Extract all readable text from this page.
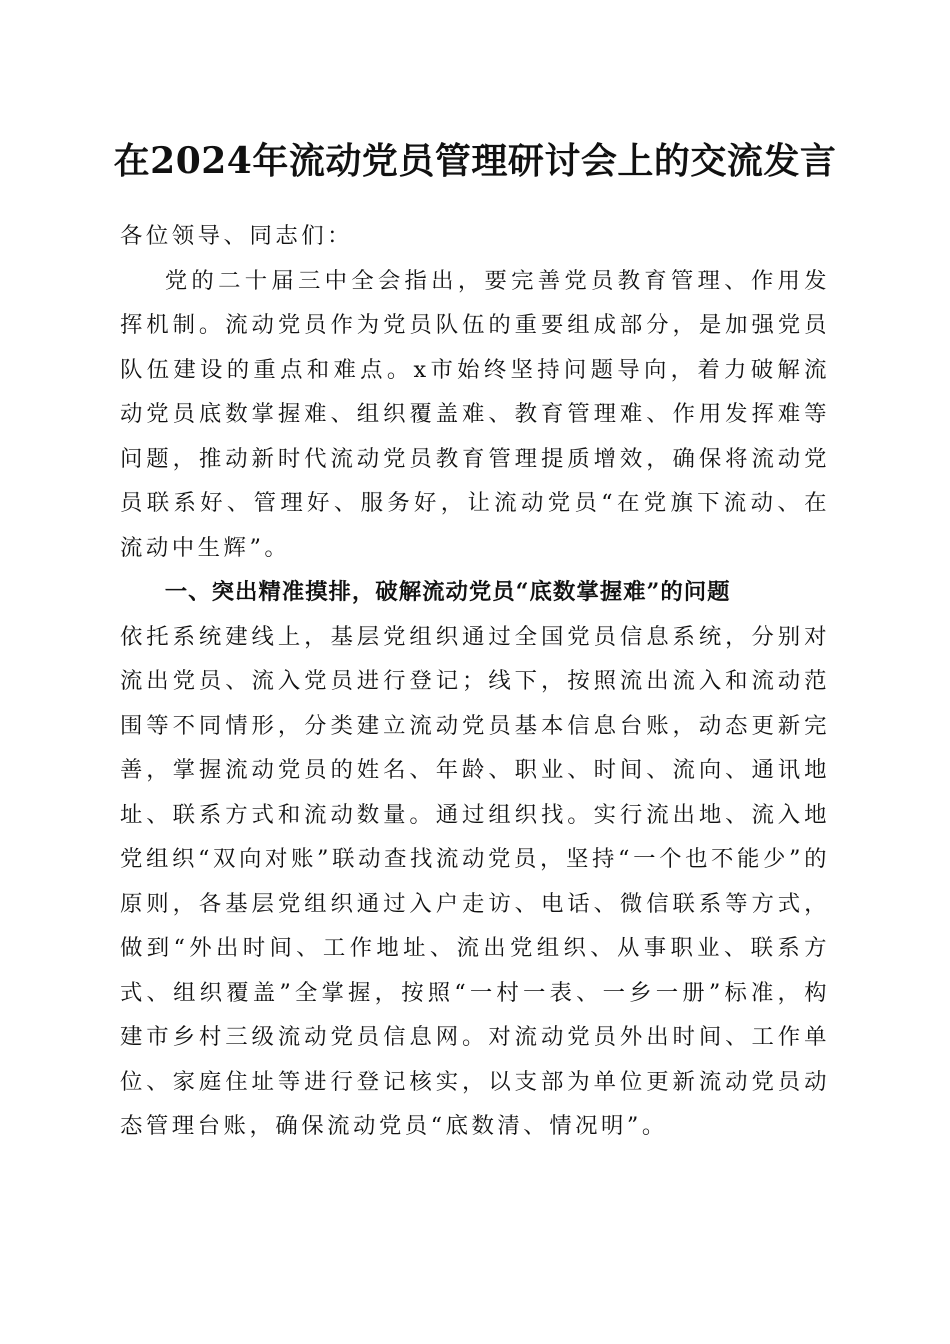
在2024年流动党员管理研讨会上的交流发言

各位领导、同志们：

党的二十届三中全会指出，要完善党员教育管理、作用发挥机制。流动党员作为党员队伍的重要组成部分，是加强党员队伍建设的重点和难点。x市始终坚持问题导向，着力破解流动党员底数掌握难、组织覆盖难、教育管理难、作用发挥难等问题，推动新时代流动党员教育管理提质增效，确保将流动党员联系好、管理好、服务好，让流动党员“在党旗下流动、在流动中生辉”。

一、突出精准摸排，破解流动党员“底数掌握难”的问题

依托系统建线上，基层党组织通过全国党员信息系统，分别对流出党员、流入党员进行登记；线下，按照流出流入和流动范围等不同情形，分类建立流动党员基本信息台账，动态更新完善，掌握流动党员的姓名、年龄、职业、时间、流向、通讯地址、联系方式和流动数量。通过组织找。实行流出地、流入地党组织“双向对账”联动查找流动党员，坚持“一个也不能少”的原则，各基层党组织通过入户走访、电话、微信联系等方式，做到“外出时间、工作地址、流出党组织、从事职业、联系方式、组织覆盖”全掌握，按照“一村一表、一乡一册”标准，构建市乡村三级流动党员信息网。对流动党员外出时间、工作单位、家庭住址等进行登记核实，以支部为单位更新流动党员动态管理台账，确保流动党员“底数清、情况明”。
